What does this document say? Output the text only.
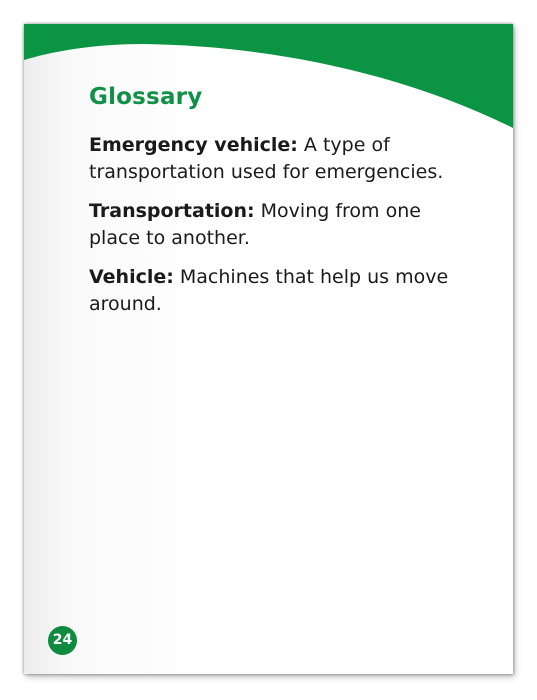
Glossary

Emergency vehicle: A type of transportation used for emergencies.

Transportation: Moving from one place to another.

Vehicle: Machines that help us move around.

24
